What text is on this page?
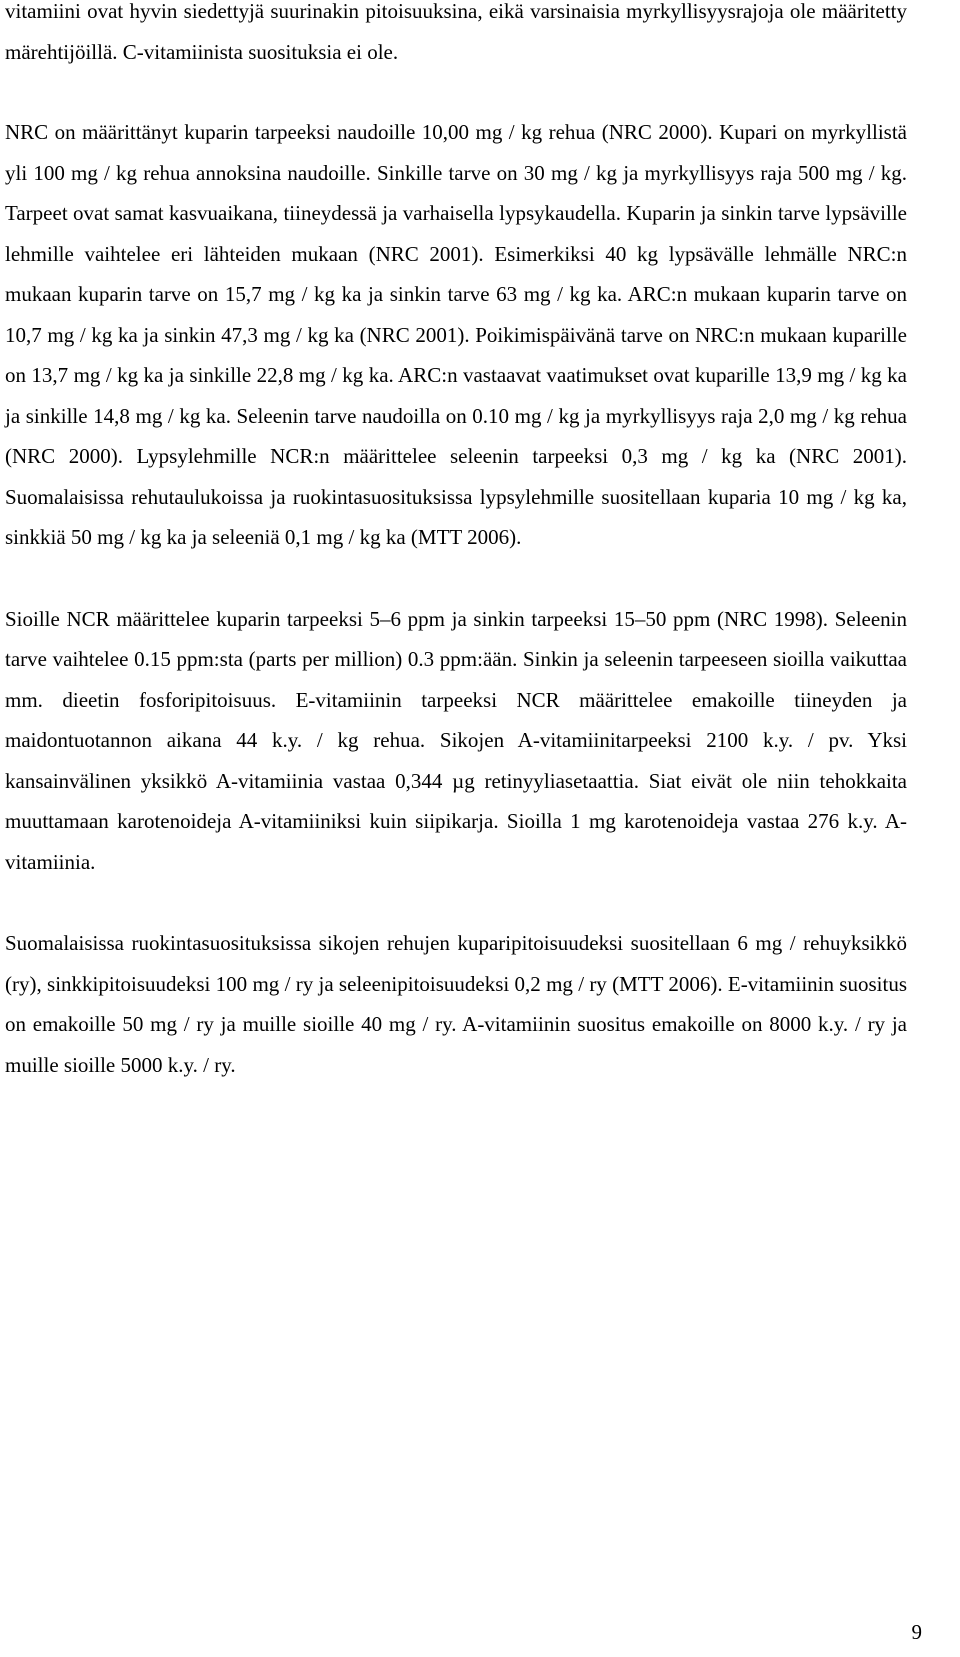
vitamiini ovat hyvin siedettyjä suurinakin pitoisuuksina, eikä varsinaisia myrkyllisyysrajoja ole määritetty märehtijöillä. C-vitamiinista suosituksia ei ole.

NRC on määrittänyt kuparin tarpeeksi naudoille 10,00 mg / kg rehua (NRC 2000). Kupari on myrkyllistä yli 100 mg / kg rehua annoksina naudoille. Sinkille tarve on 30 mg / kg ja myrkyllisyys raja 500 mg / kg. Tarpeet ovat samat kasvuaikana, tiineydessä ja varhaisella lypsykaudella. Kuparin ja sinkin tarve lypsäville lehmille vaihtelee eri lähteiden mukaan (NRC 2001). Esimerkiksi 40 kg lypsävälle lehmälle NRC:n mukaan kuparin tarve on 15,7 mg / kg ka ja sinkin tarve 63 mg / kg ka. ARC:n mukaan kuparin tarve on 10,7 mg / kg ka ja sinkin 47,3 mg / kg ka (NRC 2001). Poikimispäivänä tarve on NRC:n mukaan kuparille on 13,7 mg / kg ka ja sinkille 22,8 mg / kg ka. ARC:n vastaavat vaatimukset ovat kuparille 13,9 mg / kg ka ja sinkille 14,8 mg / kg ka. Seleenin tarve naudoilla on 0.10 mg / kg ja myrkyllisyys raja 2,0 mg / kg rehua (NRC 2000). Lypsylehmille NCR:n määrittelee seleenin tarpeeksi 0,3 mg / kg ka (NRC 2001). Suomalaisissa rehutaulukoissa ja ruokintasuosituksissa lypsylehmille suositellaan kuparia 10 mg / kg ka, sinkkiä 50 mg / kg ka ja seleeniä 0,1 mg / kg ka (MTT 2006).

Sioille NCR määrittelee kuparin tarpeeksi 5–6 ppm ja sinkin tarpeeksi 15–50 ppm (NRC 1998). Seleenin tarve vaihtelee 0.15 ppm:sta (parts per million) 0.3 ppm:ään. Sinkin ja seleenin tarpeeseen sioilla vaikuttaa mm. dieetin fosforipitoisuus. E-vitamiinin tarpeeksi NCR määrittelee emakoille tiineyden ja maidontuotannon aikana 44 k.y. / kg rehua. Sikojen A-vitamiinitarpeeksi 2100 k.y. / pv. Yksi kansainvälinen yksikkö A-vitamiinia vastaa 0,344 µg retinyyliasetaattia. Siat eivät ole niin tehokkaita muuttamaan karotenoideja A-vitamiiniksi kuin siipikarja. Sioilla 1 mg karotenoideja vastaa 276 k.y. A-vitamiinia.

Suomalaisissa ruokintasuosituksissa sikojen rehujen kuparipitoisuudeksi suositellaan 6 mg / rehuyksikkö (ry), sinkkipitoisuudeksi 100 mg / ry ja seleenipitoisuudeksi 0,2 mg / ry (MTT 2006). E-vitamiinin suositus on emakoille 50 mg / ry ja muille sioille 40 mg / ry. A-vitamiinin suositus emakoille on 8000 k.y. / ry ja muille sioille 5000 k.y. / ry.

9
